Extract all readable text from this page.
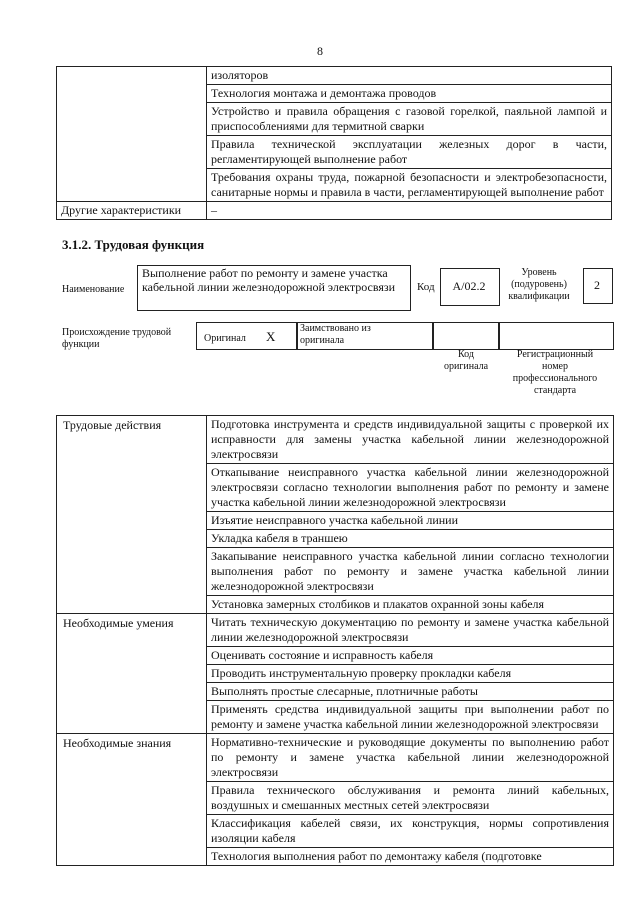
8
	изоляторов
	Технология монтажа и демонтажа проводов
	Устройство и правила обращения с газовой горелкой, паяльной лампой и приспособлениями для термитной сварки
	Правила технической эксплуатации железных дорог в части, регламентирующей выполнение работ
	Требования охраны труда, пожарной безопасности и электробезопасности, санитарные нормы и правила в части, регламентирующей выполнение работ
Другие характеристики	–
3.1.2. Трудовая функция
Наименование
Выполнение работ по ремонту и замене участка кабельной линии железнодорожной электросвязи	Код	A/02.2
Уровень (подуровень) квалификации
2
Происхождение трудовой функции
Оригинал X
Заимствовано из оригинала
Код оригинала
Регистрационный номер профессионального стандарта
Трудовые действия	Подготовка инструмента и средств индивидуальной защиты с проверкой их исправности для замены участка кабельной линии железнодорожной электросвязи
	Откапывание неисправного участка кабельной линии железнодорожной электросвязи согласно технологии выполнения работ по ремонту и замене участка кабельной линии железнодорожной электросвязи
	Изъятие неисправного участка кабельной линии
	Укладка кабеля в траншею
	Закапывание неисправного участка кабельной линии согласно технологии выполнения работ по ремонту и замене участка кабельной линии железнодорожной электросвязи
	Установка замерных столбиков и плакатов охранной зоны кабеля
Необходимые умения	Читать техническую документацию по ремонту и замене участка кабельной линии железнодорожной электросвязи
	Оценивать состояние и исправность кабеля
	Проводить инструментальную проверку прокладки кабеля
	Выполнять простые слесарные, плотничные работы
	Применять средства индивидуальной защиты при выполнении работ по ремонту и замене участка кабельной линии железнодорожной электросвязи
Необходимые знания	Нормативно-технические и руководящие документы по выполнению работ по ремонту и замене участка кабельной линии железнодорожной электросвязи
	Правила технического обслуживания и ремонта линий кабельных, воздушных и смешанных местных сетей электросвязи
	Классификация кабелей связи, их конструкция, нормы сопротивления изоляции кабеля
	Технология выполнения работ по демонтажу кабеля (подготовке
